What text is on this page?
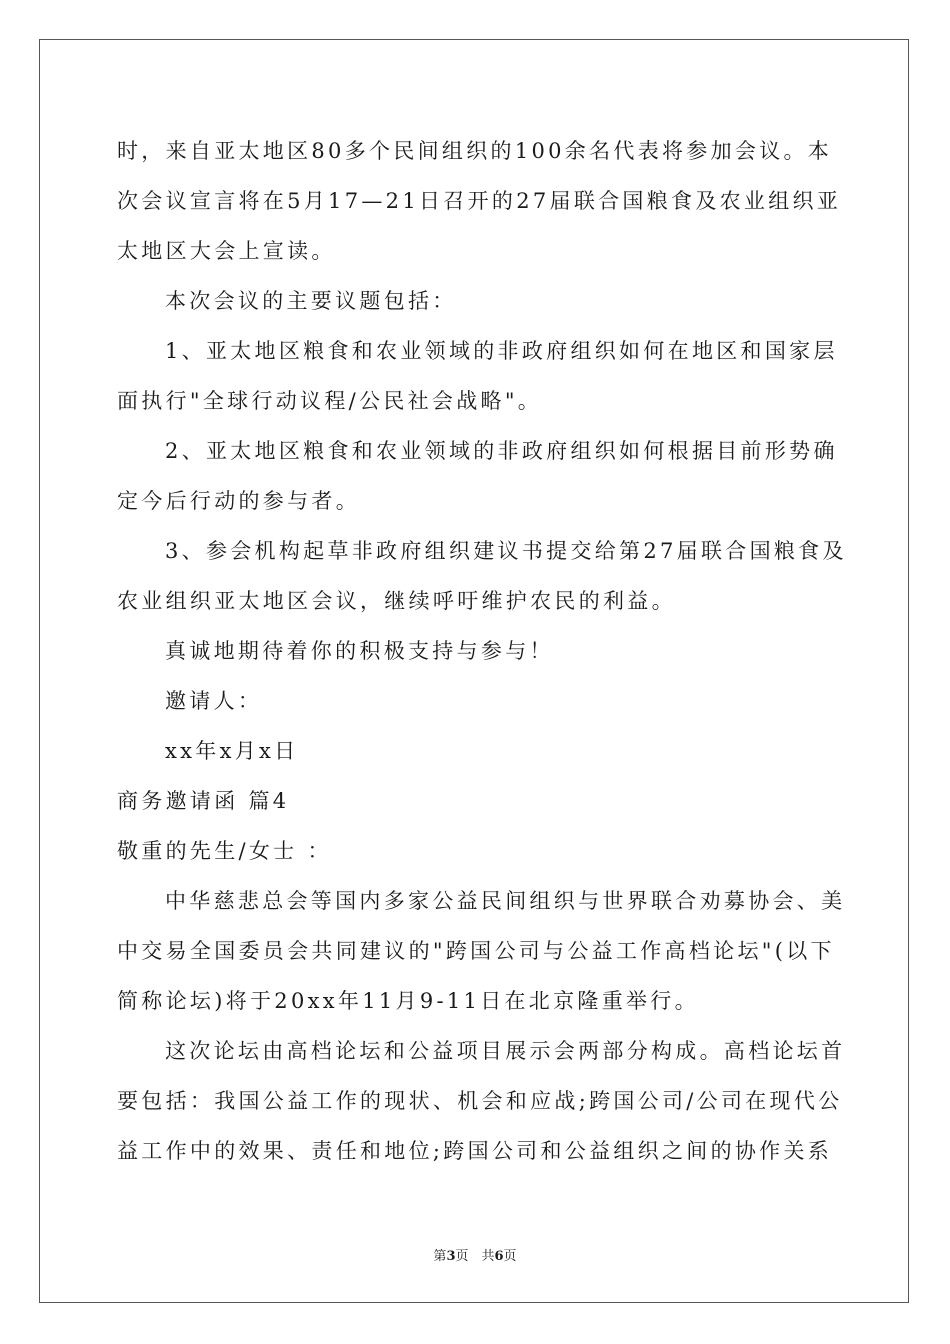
时，来自亚太地区80多个民间组织的100余名代表将参加会议。本
次会议宣言将在5月17—21日召开的27届联合国粮食及农业组织亚
太地区大会上宣读。
本次会议的主要议题包括：
1、亚太地区粮食和农业领域的非政府组织如何在地区和国家层
面执行"全球行动议程/公民社会战略"。
2、亚太地区粮食和农业领域的非政府组织如何根据目前形势确
定今后行动的参与者。
3、参会机构起草非政府组织建议书提交给第27届联合国粮食及
农业组织亚太地区会议，继续呼吁维护农民的利益。
真诚地期待着你的积极支持与参与！
邀请人：
xx年x月x日
商务邀请函 篇4
敬重的先生/女士 ：
中华慈悲总会等国内多家公益民间组织与世界联合劝募协会、美
中交易全国委员会共同建议的"跨国公司与公益工作高档论坛"(以下
简称论坛)将于20xx年11月9-11日在北京隆重举行。
这次论坛由高档论坛和公益项目展示会两部分构成。高档论坛首
要包括：我国公益工作的现状、机会和应战;跨国公司/公司在现代公
益工作中的效果、责任和地位;跨国公司和公益组织之间的协作关系
第3页　共6页
